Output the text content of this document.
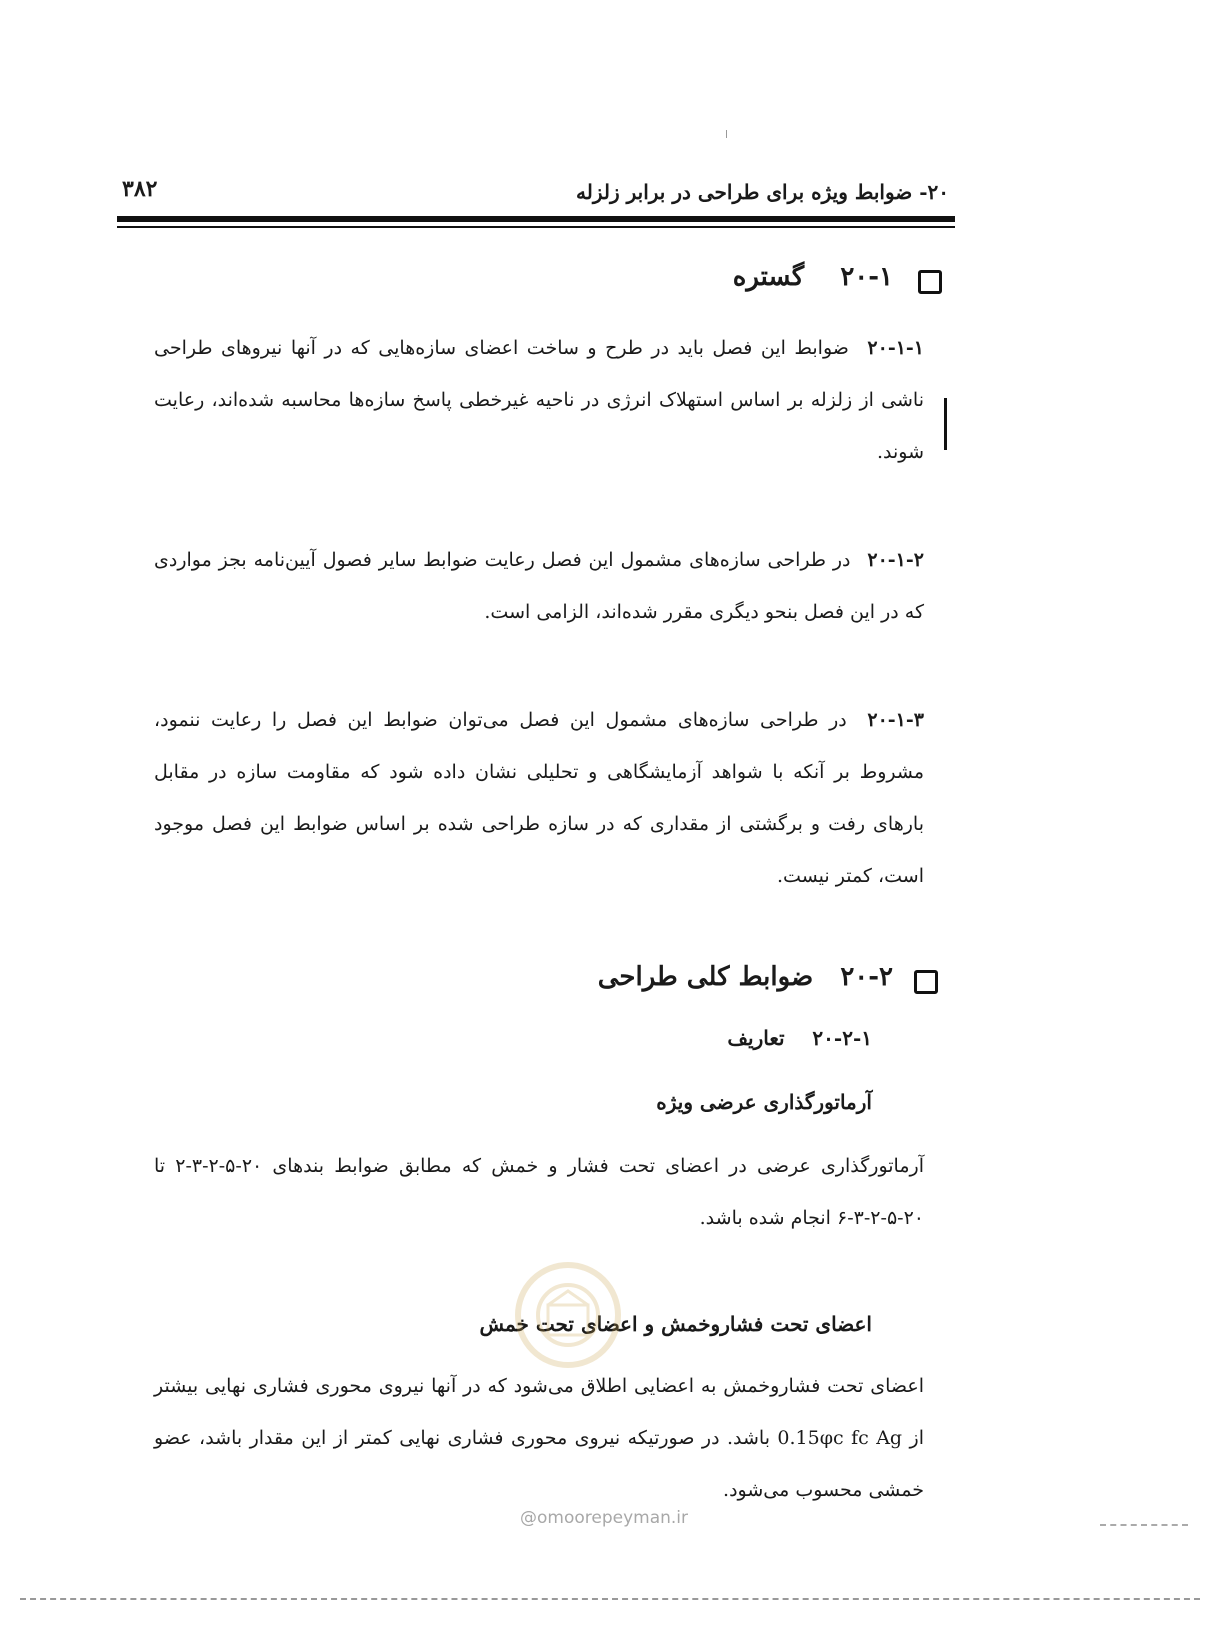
۲۰- ضوابط ویژه برای طراحی در برابر زلزله
۳۸۲
۲۰-۱    گستره
۲۰-۱-۱ ضوابط این فصل باید در طرح و ساخت اعضای سازه‌هایی که در آنها نیروهای طراحی ناشی از زلزله بر اساس استهلاک انرژی در ناحیه غیرخطی پاسخ سازه‌ها محاسبه شده‌اند، رعایت شوند.
۲۰-۱-۲ در طراحی سازه‌های مشمول این فصل رعایت ضوابط سایر فصول آیین‌نامه بجز مواردی که در این فصل بنحو دیگری مقرر شده‌اند، الزامی است.
۲۰-۱-۳ در طراحی سازه‌های مشمول این فصل می‌توان ضوابط این فصل را رعایت ننمود، مشروط بر آنکه با شواهد آزمایشگاهی و تحلیلی نشان داده شود که مقاومت سازه در مقابل بارهای رفت و برگشتی از مقداری که در سازه طراحی شده بر اساس ضوابط این فصل موجود است، کمتر نیست.
۲۰-۲   ضوابط کلی طراحی
۲۰-۲-۱    تعاریف
آرماتورگذاری عرضی ویژه
آرماتورگذاری عرضی در اعضای تحت فشار و خمش که مطابق ضوابط بندهای ۲۰-۵-۲-۳-۲ تا ۲۰-۵-۲-۳-۶ انجام شده باشد.
اعضای تحت فشاروخمش و اعضای تحت خمش
اعضای تحت فشاروخمش به اعضایی اطلاق می‌شود که در آنها نیروی محوری فشاری نهایی بیشتر از 0.15φc fc Ag باشد. در صورتیکه نیروی محوری فشاری نهایی کمتر از این مقدار باشد، عضو خمشی محسوب می‌شود.
@omoorepeyman.ir
